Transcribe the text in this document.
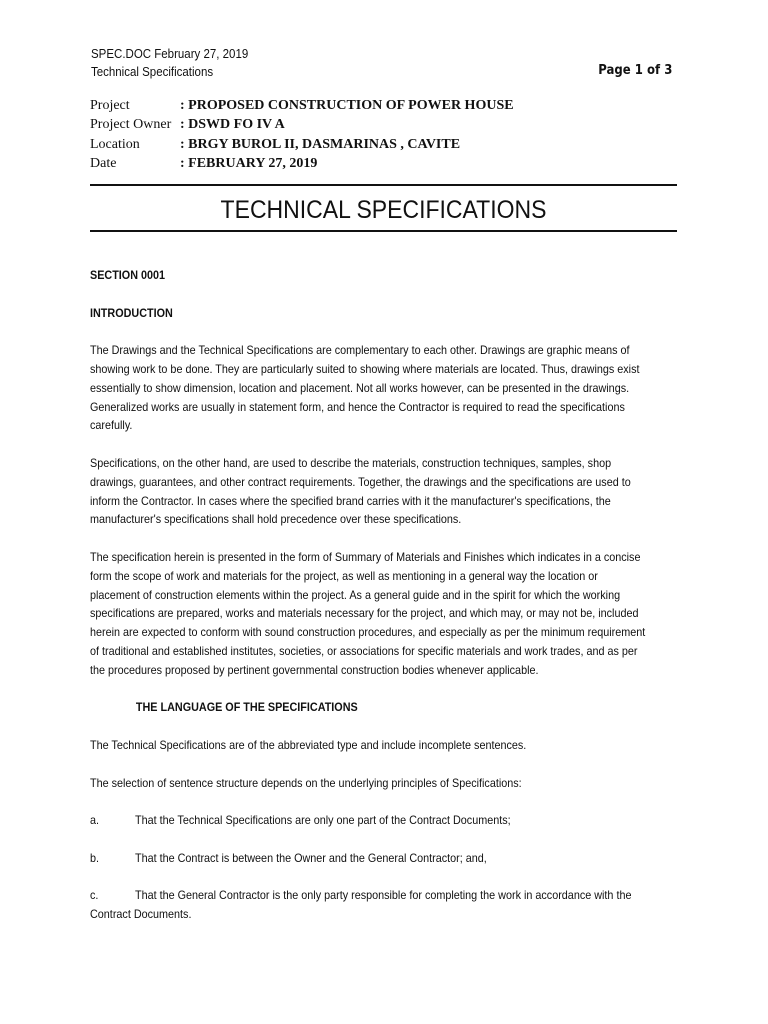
SPEC.DOC February 27, 2019
Technical Specifications	Page 1 of 3
Project	: PROPOSED CONSTRUCTION OF POWER HOUSE
Project Owner : DSWD FO IV A
Location	: BRGY BUROL II, DASMARINAS , CAVITE
Date	: FEBRUARY 27, 2019
TECHNICAL SPECIFICATIONS

SECTION 0001

INTRODUCTION

The Drawings and the Technical Specifications are complementary to each other. Drawings are graphic means of

showing work to be done. They are particularly suited to showing where materials are located. Thus, drawings exist

essentially to show dimension, location and placement. Not all works however, can be presented in the drawings.

Generalized works are usually in statement form, and hence the Contractor is required to read the specifications

carefully.

Specifications, on the other hand, are used to describe the materials, construction techniques, samples, shop

drawings, guarantees, and other contract requirements. Together, the drawings and the specifications are used to

inform the Contractor. In cases where the specified brand carries with it the manufacturer's specifications, the

manufacturer's specifications shall hold precedence over these specifications.

The specification herein is presented in the form of Summary of Materials and Finishes which indicates in a concise

form the scope of work and materials for the project, as well as mentioning in a general way the location or

placement of construction elements within the project. As a general guide and in the spirit for which the working

specifications are prepared, works and materials necessary for the project, and which may, or may not be, included

herein are expected to conform with sound construction procedures, and especially as per the minimum requirement

of traditional and established institutes, societies, or associations for specific materials and work trades, and as per

the procedures proposed by pertinent governmental construction bodies whenever applicable.

THE LANGUAGE OF THE SPECIFICATIONS

The Technical Specifications are of the abbreviated type and include incomplete sentences.

The selection of sentence structure depends on the underlying principles of Specifications:

a.	That the Technical Specifications are only one part of the Contract Documents;
b.	That the Contract is between the Owner and the General Contractor; and,
c.	That the General Contractor is the only party responsible for completing the work in accordance with the

Contract Documents.
